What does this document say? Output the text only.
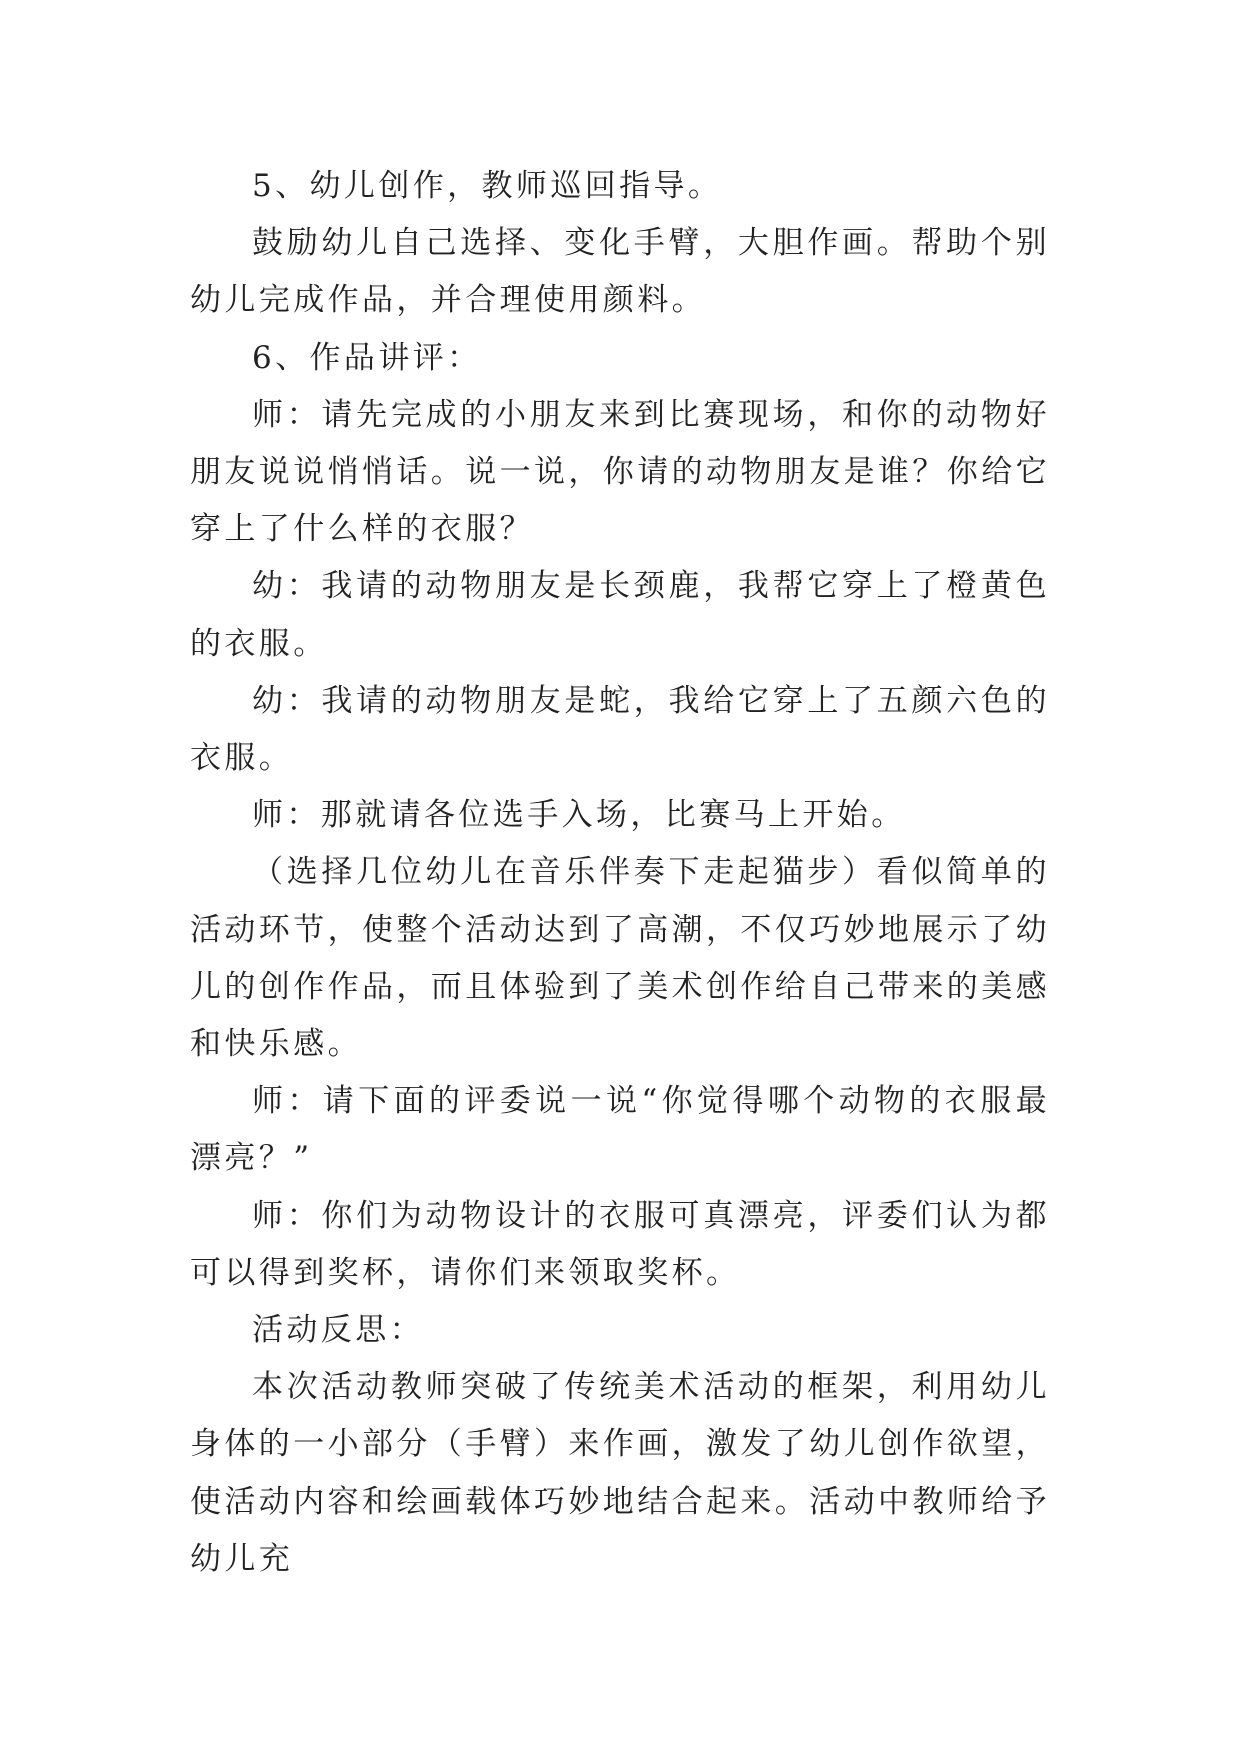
5、幼儿创作，教师巡回指导。

鼓励幼儿自己选择、变化手臂，大胆作画。帮助个别幼儿完成作品，并合理使用颜料。

6、作品讲评：

师：请先完成的小朋友来到比赛现场，和你的动物好朋友说说悄悄话。说一说，你请的动物朋友是谁？你给它穿上了什么样的衣服？

幼：我请的动物朋友是长颈鹿，我帮它穿上了橙黄色的衣服。

幼：我请的动物朋友是蛇，我给它穿上了五颜六色的衣服。

师：那就请各位选手入场，比赛马上开始。

（选择几位幼儿在音乐伴奏下走起猫步）看似简单的活动环节，使整个活动达到了高潮，不仅巧妙地展示了幼儿的创作作品，而且体验到了美术创作给自己带来的美感和快乐感。

师：请下面的评委说一说“你觉得哪个动物的衣服最漂亮？”

师：你们为动物设计的衣服可真漂亮，评委们认为都可以得到奖杯，请你们来领取奖杯。

活动反思：

本次活动教师突破了传统美术活动的框架，利用幼儿身体的一小部分（手臂）来作画，激发了幼儿创作欲望，使活动内容和绘画载体巧妙地结合起来。活动中教师给予幼儿充
